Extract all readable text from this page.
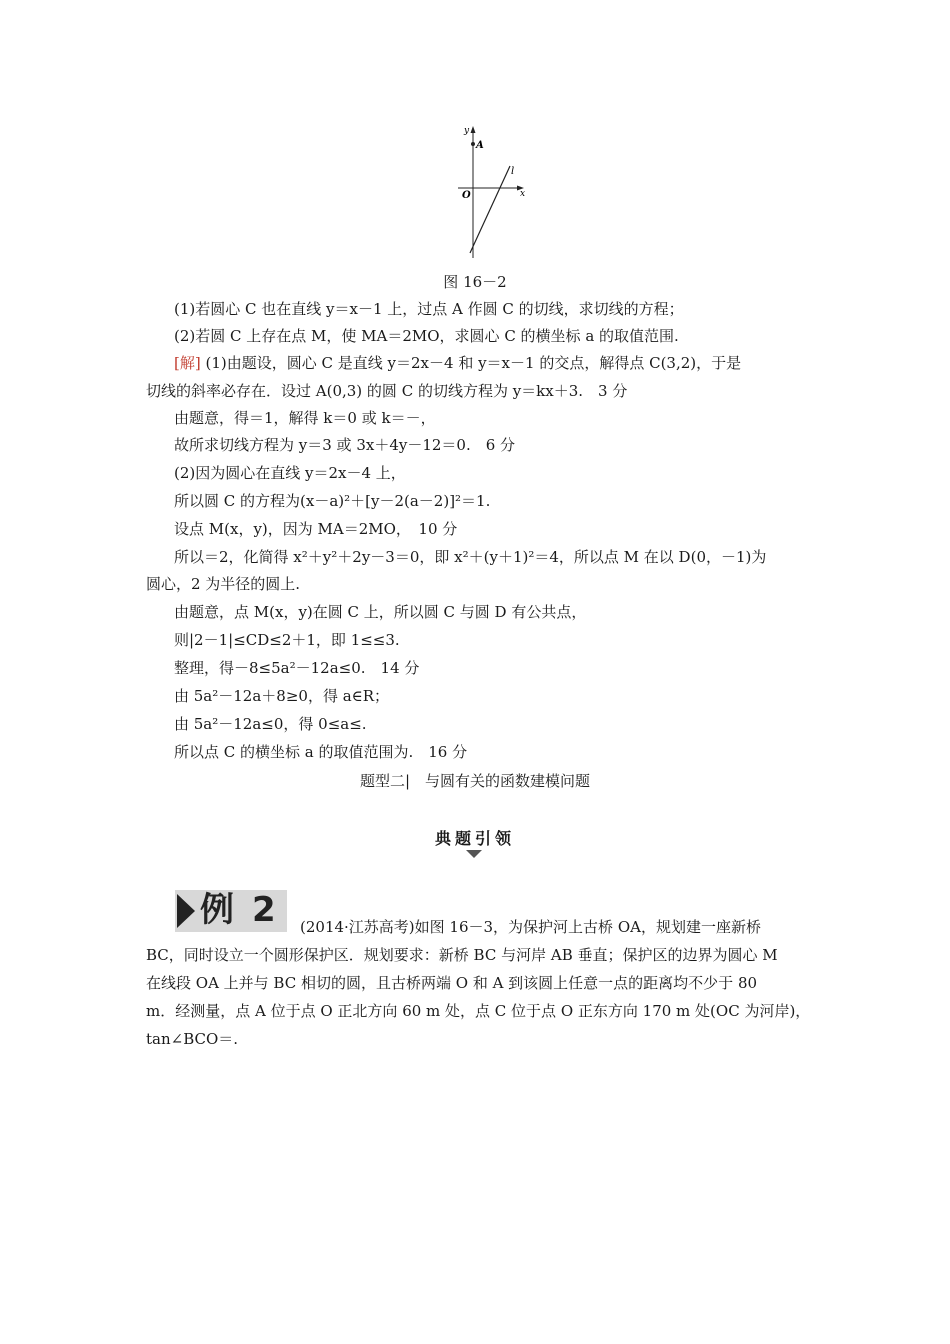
y
x
O
A
l
图 16－2
(1)若圆心 C 也在直线 y＝x－1 上，过点 A 作圆 C 的切线，求切线的方程；
(2)若圆 C 上存在点 M，使 MA＝2MO，求圆心 C 的横坐标 a 的取值范围.
[解] (1)由题设，圆心 C 是直线 y＝2x－4 和 y＝x－1 的交点，解得点 C(3,2)，于是
切线的斜率必存在．设过 A(0,3) 的圆 C 的切线方程为 y＝kx＋3.　3 分
由题意，得＝1，解得 k＝0 或 k＝－，
故所求切线方程为 y＝3 或 3x＋4y－12＝0.　6 分
(2)因为圆心在直线 y＝2x－4 上，
所以圆 C 的方程为(x－a)²＋[y－2(a－2)]²＝1.
设点 M(x，y)，因为 MA＝2MO，　10 分
所以＝2，化简得 x²＋y²＋2y－3＝0，即 x²＋(y＋1)²＝4，所以点 M 在以 D(0，－1)为
圆心，2 为半径的圆上.
由题意，点 M(x，y)在圆 C 上，所以圆 C 与圆 D 有公共点，
则|2－1|≤CD≤2＋1，即 1≤≤3.
整理，得－8≤5a²－12a≤0.　14 分
由 5a²－12a＋8≥0，得 a∈R；
由 5a²－12a≤0，得 0≤a≤.
所以点 C 的横坐标 a 的取值范围为.　16 分
题型二|　与圆有关的函数建模问题
典题引领
例 2 (2014·江苏高考)如图 16－3，为保护河上古桥 OA，规划建一座新桥
BC，同时设立一个圆形保护区．规划要求：新桥 BC 与河岸 AB 垂直；保护区的边界为圆心 M
在线段 OA 上并与 BC 相切的圆，且古桥两端 O 和 A 到该圆上任意一点的距离均不少于 80
m．经测量，点 A 位于点 O 正北方向 60 m 处，点 C 位于点 O 正东方向 170 m 处(OC 为河岸)，
tan∠BCO＝.
